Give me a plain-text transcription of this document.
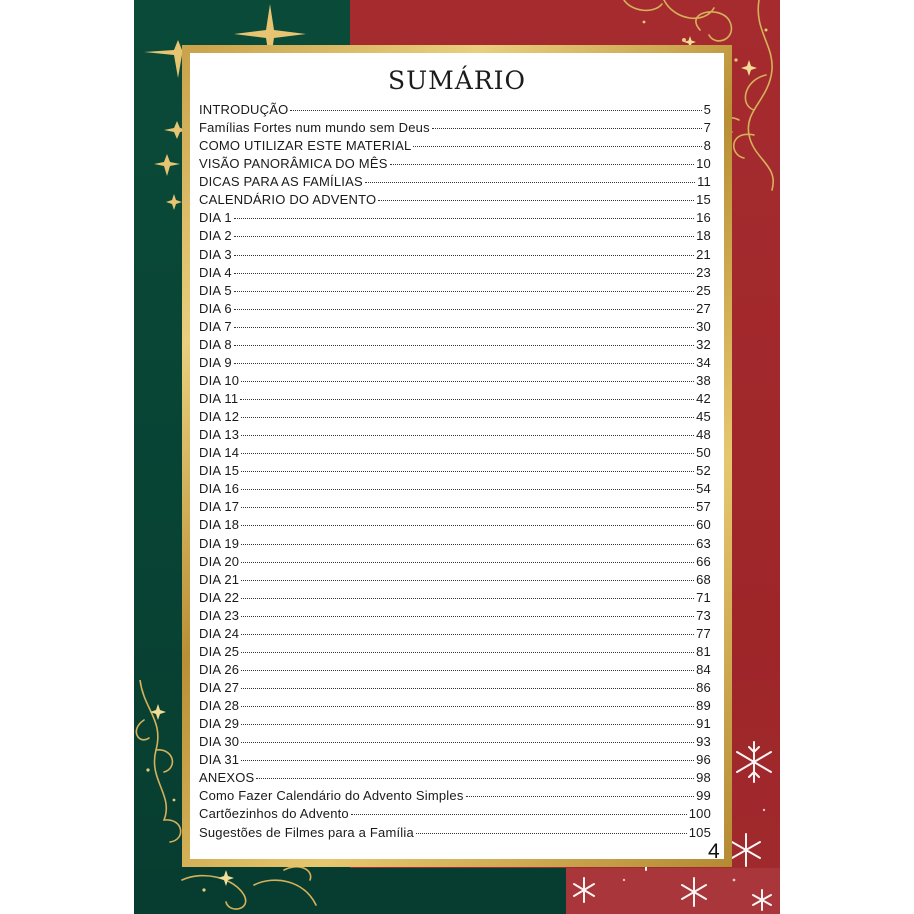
SUMÁRIO
INTRODUÇÃO	5
Famílias Fortes num mundo sem Deus	7
COMO UTILIZAR ESTE MATERIAL	8
VISÃO PANORÂMICA DO MÊS	10
DICAS PARA AS FAMÍLIAS	11
CALENDÁRIO DO ADVENTO	15
DIA 1	16
DIA 2	18
DIA 3	21
DIA 4	23
DIA 5	25
DIA 6	27
DIA 7	30
DIA 8	32
DIA 9	34
DIA 10	38
DIA 11	42
DIA 12	45
DIA 13	48
DIA 14	50
DIA 15	52
DIA 16	54
DIA 17	57
DIA 18	60
DIA 19	63
DIA 20	66
DIA 21	68
DIA 22	71
DIA 23	73
DIA 24	77
DIA 25	81
DIA 26	84
DIA 27	86
DIA 28	89
DIA 29	91
DIA 30	93
DIA 31	96
ANEXOS	98
Como Fazer Calendário do Advento Simples	99
Cartõezinhos do Advento	100
Sugestões de Filmes para a Família	105
4
